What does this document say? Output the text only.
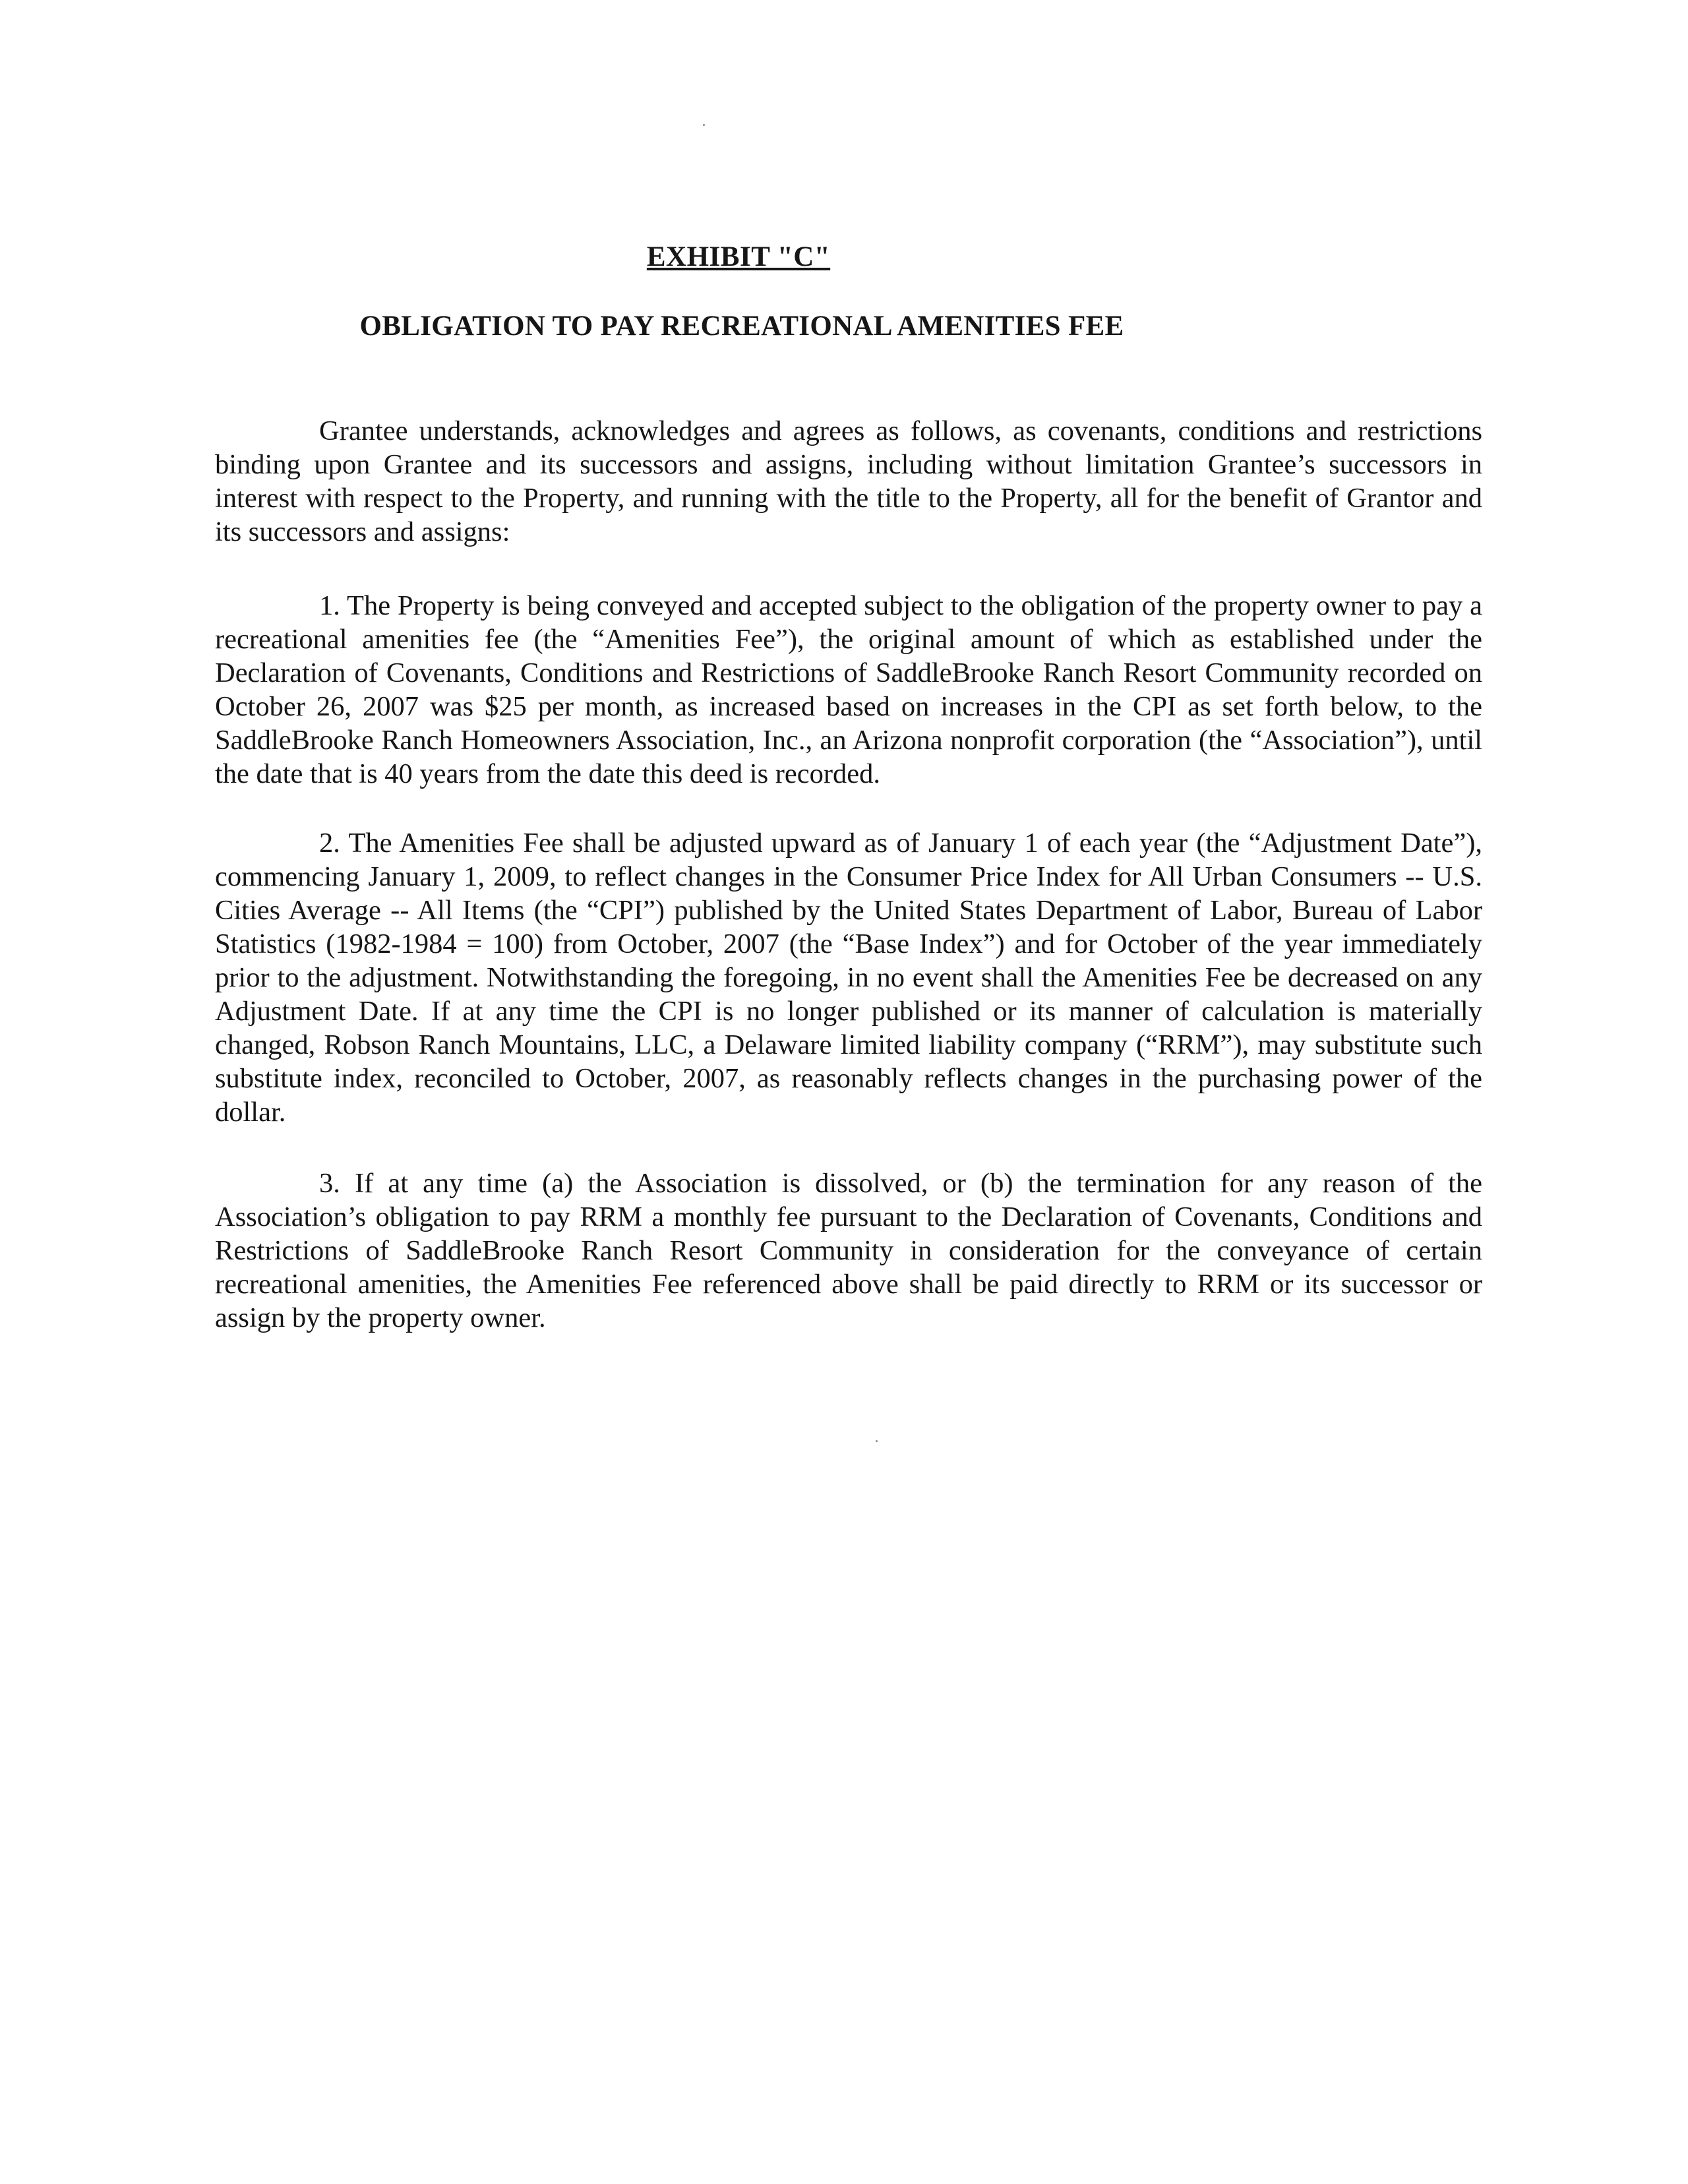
EXHIBIT "C"
OBLIGATION TO PAY RECREATIONAL AMENITIES FEE

Grantee understands, acknowledges and agrees as follows, as covenants, conditions and restrictions binding upon Grantee and its successors and assigns, including without limitation Grantee’s successors in interest with respect to the Property, and running with the title to the Property, all for the benefit of Grantor and its successors and assigns:

1. The Property is being conveyed and accepted subject to the obligation of the property owner to pay a recreational amenities fee (the “Amenities Fee”), the original amount of which as established under the Declaration of Covenants, Conditions and Restrictions of SaddleBrooke Ranch Resort Community recorded on October 26, 2007 was $25 per month, as increased based on increases in the CPI as set forth below, to the SaddleBrooke Ranch Homeowners Association, Inc., an Arizona nonprofit corporation (the “Association”), until the date that is 40 years from the date this deed is recorded.

2. The Amenities Fee shall be adjusted upward as of January 1 of each year (the “Adjustment Date”), commencing January 1, 2009, to reflect changes in the Consumer Price Index for All Urban Consumers -- U.S. Cities Average -- All Items (the “CPI”) published by the United States Department of Labor, Bureau of Labor Statistics (1982-1984 = 100) from October, 2007 (the “Base Index”) and for October of the year immediately prior to the adjustment. Notwithstanding the foregoing, in no event shall the Amenities Fee be decreased on any Adjustment Date. If at any time the CPI is no longer published or its manner of calculation is materially changed, Robson Ranch Mountains, LLC, a Delaware limited liability company (“RRM”), may substitute such substitute index, reconciled to October, 2007, as reasonably reflects changes in the purchasing power of the dollar.

3. If at any time (a) the Association is dissolved, or (b) the termination for any reason of the Association’s obligation to pay RRM a monthly fee pursuant to the Declaration of Covenants, Conditions and Restrictions of SaddleBrooke Ranch Resort Community in consideration for the conveyance of certain recreational amenities, the Amenities Fee referenced above shall be paid directly to RRM or its successor or assign by the property owner.
